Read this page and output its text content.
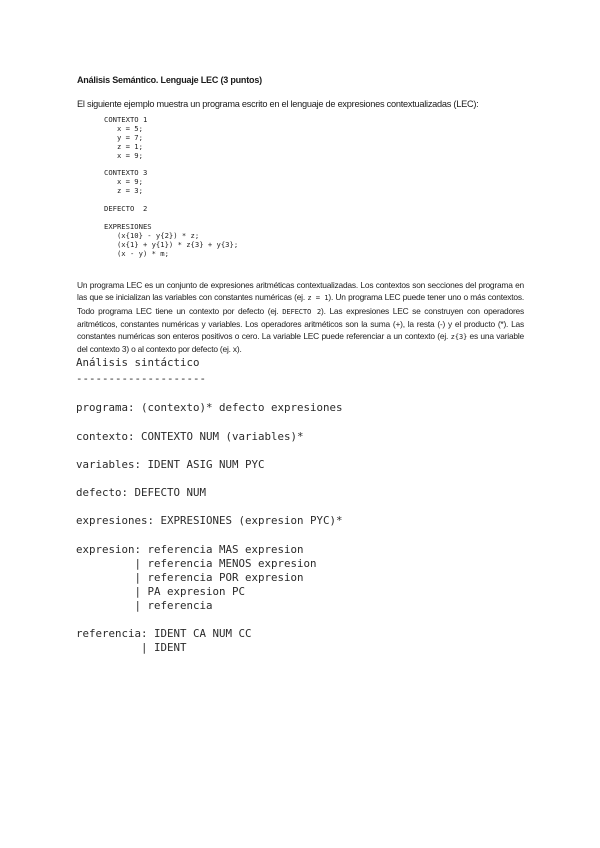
Análisis Semántico. Lenguaje LEC (3 puntos)
El siguiente ejemplo muestra un programa escrito en el lenguaje de expresiones contextualizadas (LEC):
CONTEXTO 1
x = 5;
y = 7;
z = 1;
x = 9;

CONTEXTO 3
x = 9;
z = 3;

DEFECTO  2

EXPRESIONES
(x{10} - y{2}) * z;
(x{1} + y{1}) * z{3} + y{3};
(x - y) * m;
Un programa LEC es un conjunto de expresiones aritméticas contextualizadas. Los contextos son secciones del programa en las que se inicializan las variables con constantes numéricas (ej. z = 1). Un programa LEC puede tener uno o más contextos. Todo programa LEC tiene un contexto por defecto (ej. DEFECTO 2). Las expresiones LEC se construyen con operadores aritméticos, constantes numéricas y variables. Los operadores aritméticos son la suma (+), la resta (-) y el producto (*). Las constantes numéricas son enteros positivos o cero. La variable LEC puede referenciar a un contexto (ej. z{3} es una variable del contexto 3) o al contexto por defecto (ej. x).
Análisis sintáctico
--------------------
programa: (contexto)* defecto expresiones
contexto: CONTEXTO NUM (variables)*
variables: IDENT ASIG NUM PYC
defecto: DEFECTO NUM
expresiones: EXPRESIONES (expresion PYC)*
expresion: referencia MAS expresion
| referencia MENOS expresion
| referencia POR expresion
| PA expresion PC
| referencia
referencia: IDENT CA NUM CC
| IDENT
